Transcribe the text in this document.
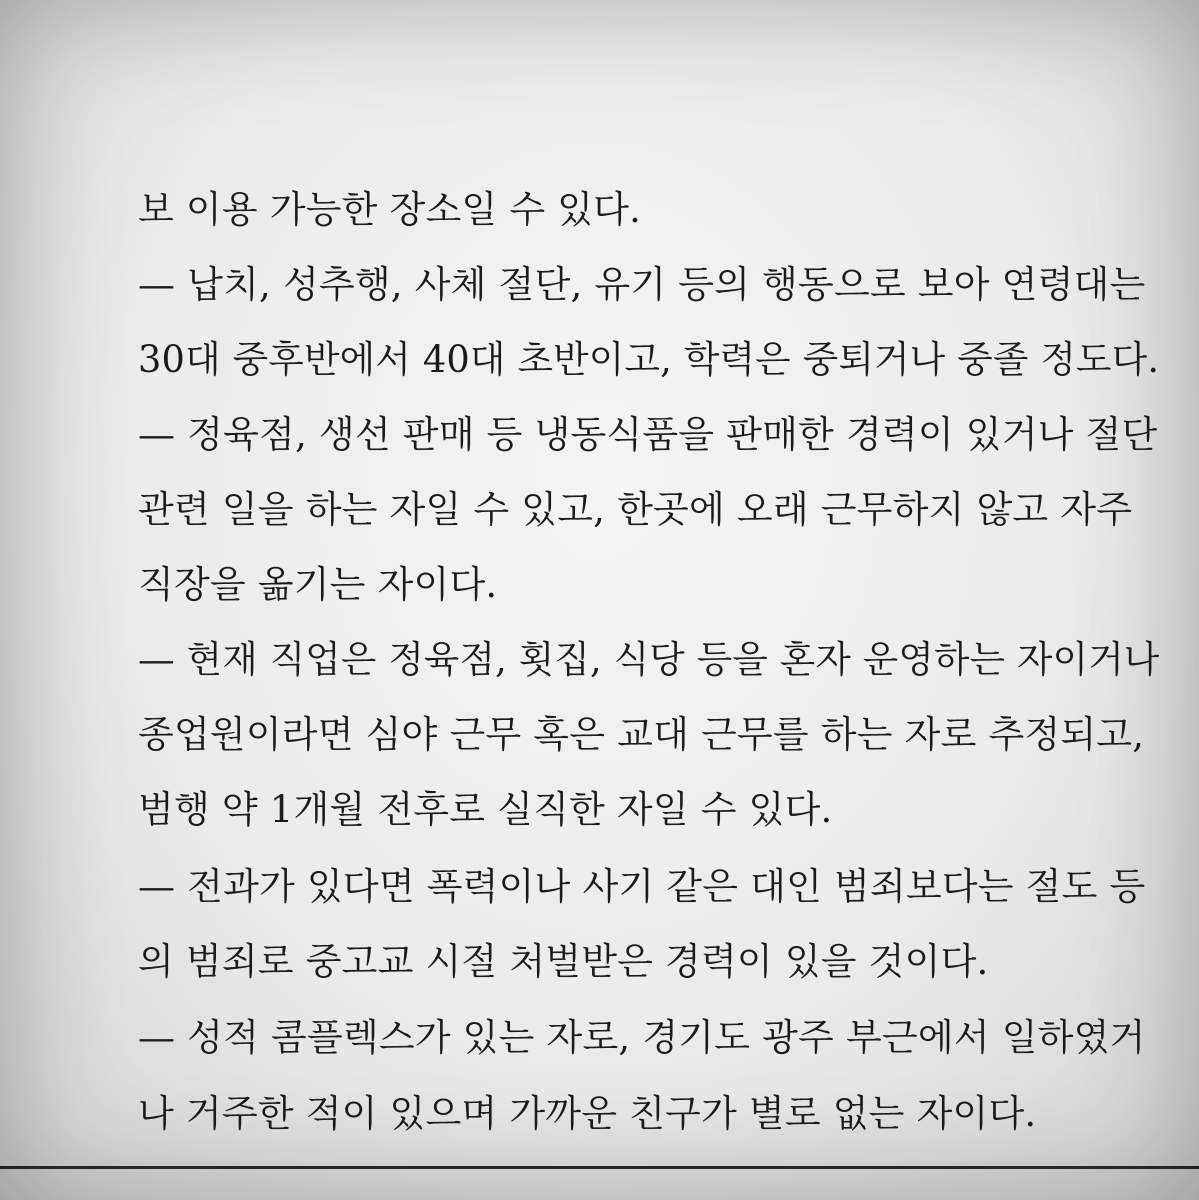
보 이용 가능한 장소일 수 있다.
— 납치, 성추행, 사체 절단, 유기 등의 행동으로 보아 연령대는
30대 중후반에서 40대 초반이고, 학력은 중퇴거나 중졸 정도다.
— 정육점, 생선 판매 등 냉동식품을 판매한 경력이 있거나 절단
관련 일을 하는 자일 수 있고, 한곳에 오래 근무하지 않고 자주
직장을 옮기는 자이다.
— 현재 직업은 정육점, 횟집, 식당 등을 혼자 운영하는 자이거나
종업원이라면 심야 근무 혹은 교대 근무를 하는 자로 추정되고,
범행 약 1개월 전후로 실직한 자일 수 있다.
— 전과가 있다면 폭력이나 사기 같은 대인 범죄보다는 절도 등
의 범죄로 중고교 시절 처벌받은 경력이 있을 것이다.
— 성적 콤플렉스가 있는 자로, 경기도 광주 부근에서 일하였거
나 거주한 적이 있으며 가까운 친구가 별로 없는 자이다.
